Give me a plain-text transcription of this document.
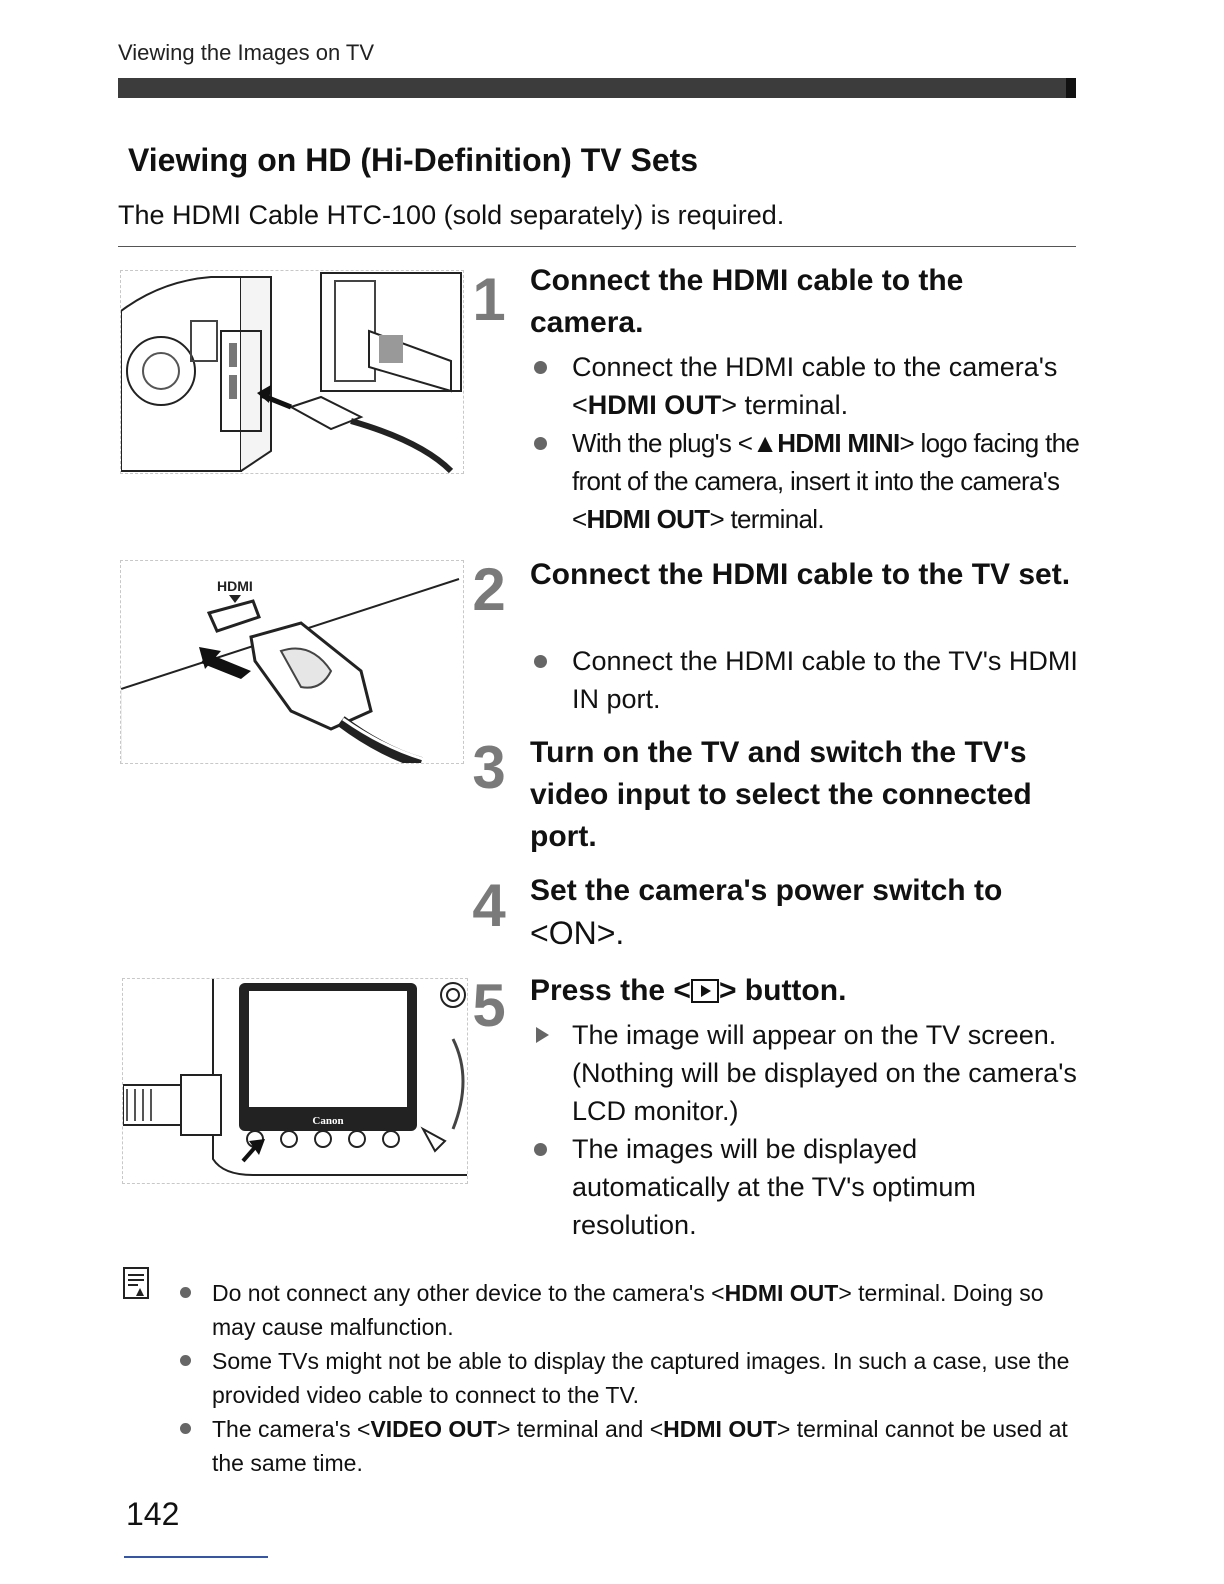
Viewing the Images on TV
Viewing on HD (Hi-Definition) TV Sets
The HDMI Cable HTC-100 (sold separately) is required.
HDMI
Canon
1 Connect the HDMI cable to the camera.
Connect the HDMI cable to the camera's <HDMI OUT> terminal.
With the plug's <▲HDMI MINI> logo facing the front of the camera, insert it into the camera's <HDMI OUT> terminal.
2 Connect the HDMI cable to the TV set.
Connect the HDMI cable to the TV's HDMI IN port.
3 Turn on the TV and switch the TV's video input to select the connected port.
4 Set the camera's power switch to
<ON>.
5 Press the < > button.
The image will appear on the TV screen. (Nothing will be displayed on the camera's LCD monitor.)
The images will be displayed automatically at the TV's optimum resolution.
Do not connect any other device to the camera's <HDMI OUT> terminal. Doing so may cause malfunction.
Some TVs might not be able to display the captured images. In such a case, use the provided video cable to connect to the TV.
The camera's <VIDEO OUT> terminal and <HDMI OUT> terminal cannot be used at the same time.
142
